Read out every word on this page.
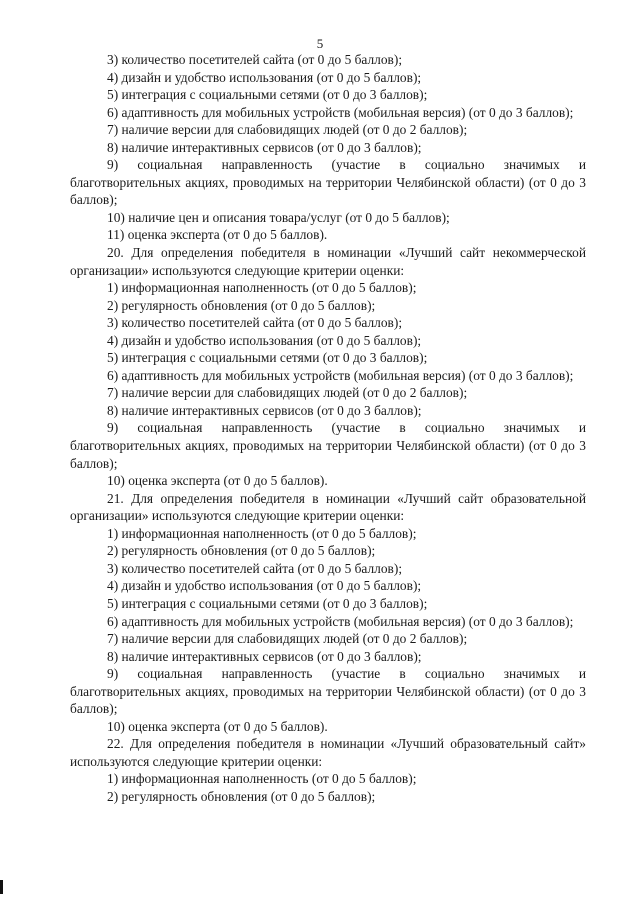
5

3) количество посетителей сайта (от 0 до 5 баллов);

4) дизайн и удобство использования (от 0 до 5 баллов);

5) интеграция с социальными сетями (от 0 до 3 баллов);

6) адаптивность для мобильных устройств (мобильная версия) (от 0 до 3 баллов);

7) наличие версии для слабовидящих людей (от 0 до 2 баллов);

8) наличие интерактивных сервисов (от 0 до 3 баллов);

9) социальная направленность (участие в социально значимых и благотворительных акциях, проводимых на территории Челябинской области) (от 0 до 3 баллов);

10) наличие цен и описания товара/услуг (от 0 до 5 баллов);

11) оценка эксперта (от 0 до 5 баллов).

20. Для определения победителя в номинации «Лучший сайт некоммерческой организации» используются следующие критерии оценки:

1) информационная наполненность (от 0 до 5 баллов);

2) регулярность обновления (от 0 до 5 баллов);

3) количество посетителей сайта (от 0 до 5 баллов);

4) дизайн и удобство использования (от 0 до 5 баллов);

5) интеграция с социальными сетями (от 0 до 3 баллов);

6) адаптивность для мобильных устройств (мобильная версия) (от 0 до 3 баллов);

7) наличие версии для слабовидящих людей (от 0 до 2 баллов);

8) наличие интерактивных сервисов (от 0 до 3 баллов);

9) социальная направленность (участие в социально значимых и благотворительных акциях, проводимых на территории Челябинской области) (от 0 до 3 баллов);

10) оценка эксперта (от 0 до 5 баллов).

21. Для определения победителя в номинации «Лучший сайт образовательной организации» используются следующие критерии оценки:

1) информационная наполненность (от 0 до 5 баллов);

2) регулярность обновления (от 0 до 5 баллов);

3) количество посетителей сайта (от 0 до 5 баллов);

4) дизайн и удобство использования (от 0 до 5 баллов);

5) интеграция с социальными сетями (от 0 до 3 баллов);

6) адаптивность для мобильных устройств (мобильная версия) (от 0 до 3 баллов);

7) наличие версии для слабовидящих людей (от 0 до 2 баллов);

8) наличие интерактивных сервисов (от 0 до 3 баллов);

9) социальная направленность (участие в социально значимых и благотворительных акциях, проводимых на территории Челябинской области) (от 0 до 3 баллов);

10) оценка эксперта (от 0 до 5 баллов).

22. Для определения победителя в номинации «Лучший образовательный сайт» используются следующие критерии оценки:

1) информационная наполненность (от 0 до 5 баллов);

2) регулярность обновления (от 0 до 5 баллов);
